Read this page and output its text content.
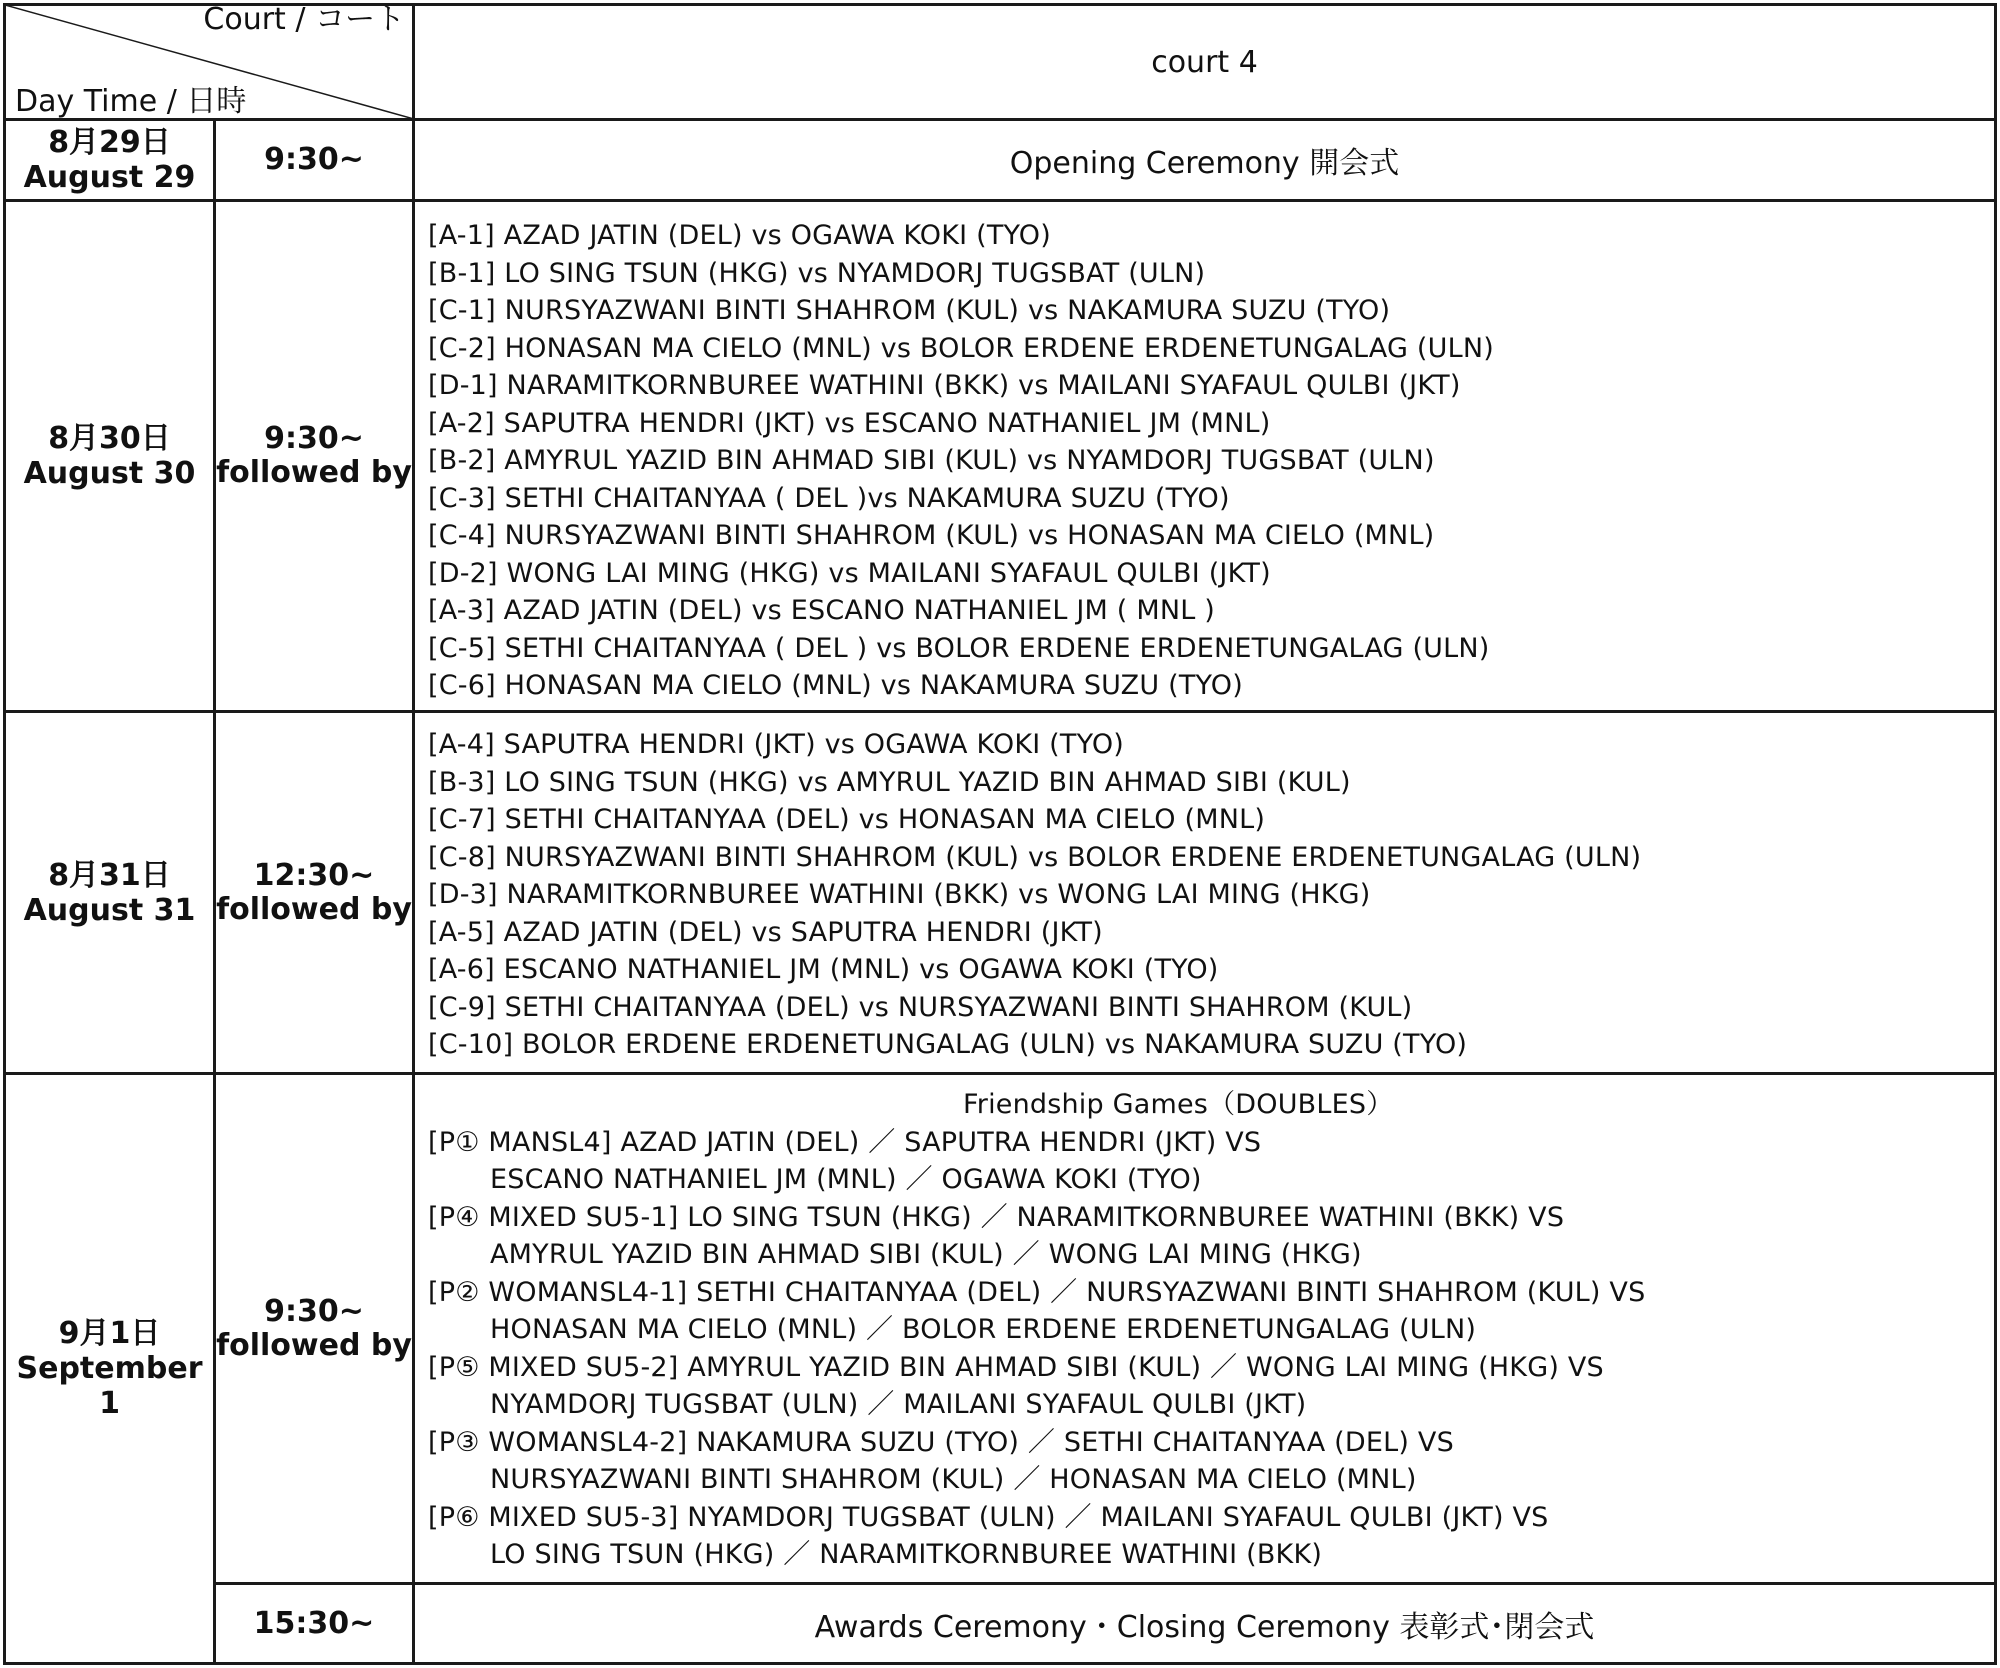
Court / コート
Day Time / 日時
court 4
8月29日
August 29
9:30~	Opening Ceremony 開会式
8月30日
August 30
9:30~
followed by
[A-1] AZAD JATIN (DEL) vs OGAWA KOKI (TYO)
[B-1] LO SING TSUN (HKG) vs NYAMDORJ TUGSBAT (ULN)
[C-1] NURSYAZWANI BINTI SHAHROM (KUL) vs NAKAMURA SUZU (TYO)
[C-2] HONASAN MA CIELO (MNL) vs BOLOR ERDENE ERDENETUNGALAG (ULN)
[D-1] NARAMITKORNBUREE WATHINI (BKK) vs MAILANI SYAFAUL QULBI (JKT)
[A-2] SAPUTRA HENDRI (JKT) vs ESCANO NATHANIEL JM (MNL)
[B-2] AMYRUL YAZID BIN AHMAD SIBI (KUL) vs NYAMDORJ TUGSBAT (ULN)
[C-3] SETHI CHAITANYAA ( DEL )vs NAKAMURA SUZU (TYO)
[C-4] NURSYAZWANI BINTI SHAHROM (KUL) vs HONASAN MA CIELO (MNL)
[D-2] WONG LAI MING (HKG) vs MAILANI SYAFAUL QULBI (JKT)
[A-3] AZAD JATIN (DEL) vs ESCANO NATHANIEL JM ( MNL )
[C-5] SETHI CHAITANYAA ( DEL ) vs BOLOR ERDENE ERDENETUNGALAG (ULN)
[C-6] HONASAN MA CIELO (MNL) vs NAKAMURA SUZU (TYO)
8月31日
August 31
12:30~
followed by
[A-4] SAPUTRA HENDRI (JKT) vs OGAWA KOKI (TYO)
[B-3] LO SING TSUN (HKG) vs AMYRUL YAZID BIN AHMAD SIBI (KUL)
[C-7] SETHI CHAITANYAA (DEL) vs HONASAN MA CIELO (MNL)
[C-8] NURSYAZWANI BINTI SHAHROM (KUL) vs BOLOR ERDENE ERDENETUNGALAG (ULN)
[D-3] NARAMITKORNBUREE WATHINI (BKK) vs WONG LAI MING (HKG)
[A-5] AZAD JATIN (DEL) vs SAPUTRA HENDRI (JKT)
[A-6] ESCANO NATHANIEL JM (MNL) vs OGAWA KOKI (TYO)
[C-9] SETHI CHAITANYAA (DEL) vs NURSYAZWANI BINTI SHAHROM (KUL)
[C-10] BOLOR ERDENE ERDENETUNGALAG (ULN) vs NAKAMURA SUZU (TYO)
9月1日
September 1
9:30~
followed by
Friendship Games（DOUBLES）
[P① MANSL4] AZAD JATIN (DEL) ／ SAPUTRA HENDRI (JKT) VS
ESCANO NATHANIEL JM (MNL) ／ OGAWA KOKI (TYO)
[P④ MIXED SU5-1] LO SING TSUN (HKG) ／ NARAMITKORNBUREE WATHINI (BKK) VS
AMYRUL YAZID BIN AHMAD SIBI (KUL) ／ WONG LAI MING (HKG)
[P② WOMANSL4-1] SETHI CHAITANYAA (DEL) ／ NURSYAZWANI BINTI SHAHROM (KUL) VS
HONASAN MA CIELO (MNL) ／ BOLOR ERDENE ERDENETUNGALAG (ULN)
[P⑤ MIXED SU5-2] AMYRUL YAZID BIN AHMAD SIBI (KUL) ／ WONG LAI MING (HKG) VS
NYAMDORJ TUGSBAT (ULN) ／ MAILANI SYAFAUL QULBI (JKT)
[P③ WOMANSL4-2] NAKAMURA SUZU (TYO) ／ SETHI CHAITANYAA (DEL) VS
NURSYAZWANI BINTI SHAHROM (KUL) ／ HONASAN MA CIELO (MNL)
[P⑥ MIXED SU5-3] NYAMDORJ TUGSBAT (ULN) ／ MAILANI SYAFAUL QULBI (JKT) VS
LO SING TSUN (HKG) ／ NARAMITKORNBUREE WATHINI (BKK)
15:30~	Awards Ceremony・Closing Ceremony 表彰式･閉会式
